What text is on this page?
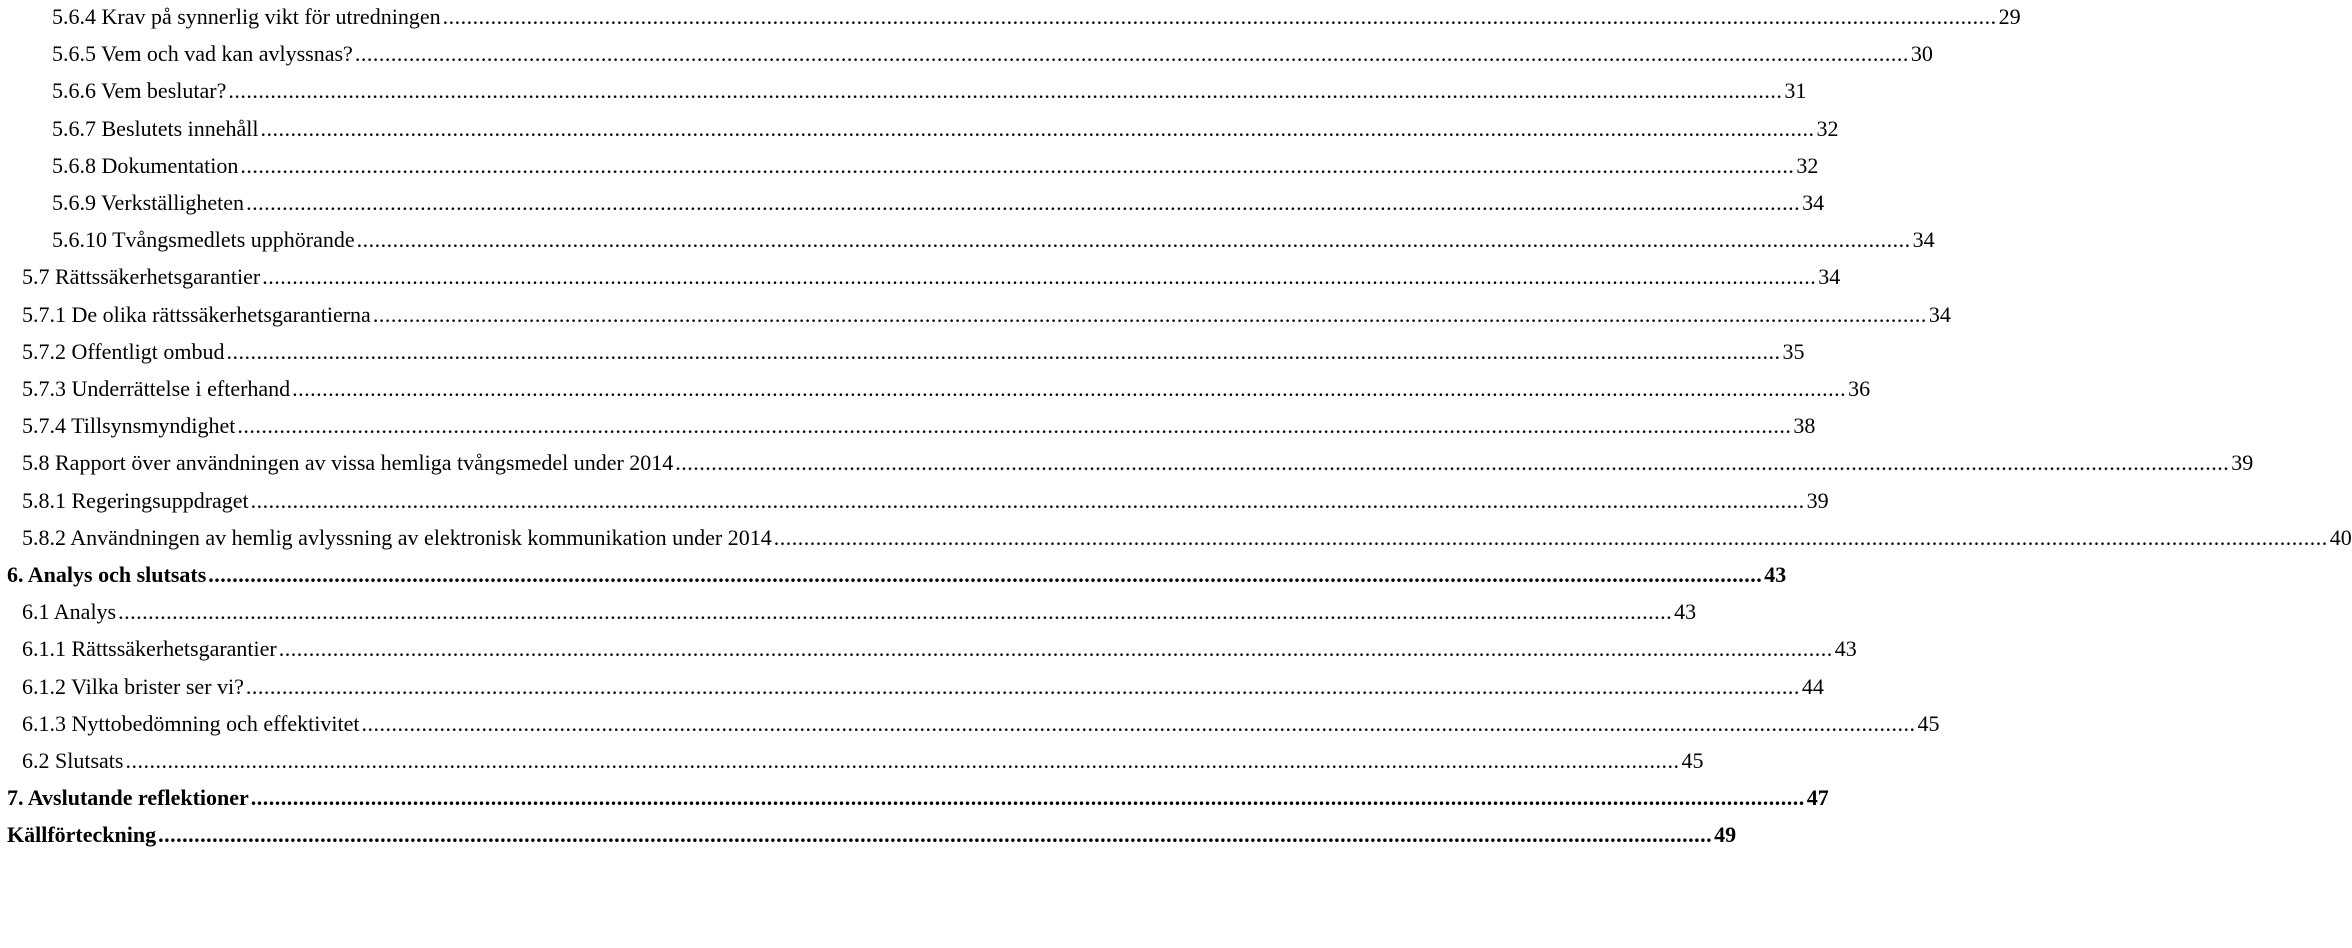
5.6.4 Krav på synnerlig vikt för utredningen .....	29
5.6.5 Vem och vad kan avlyssnas? .....	30
5.6.6 Vem beslutar? .....	31
5.6.7 Beslutets innehåll .....	32
5.6.8 Dokumentation .....	32
5.6.9 Verkställigheten .....	34
5.6.10 Tvångsmedlets upphörande .....	34
5.7 Rättssäkerhetsgarantier .....	34
5.7.1 De olika rättssäkerhetsgarantierna .....	34
5.7.2 Offentligt ombud .....	35
5.7.3 Underrättelse i efterhand .....	36
5.7.4 Tillsynsmyndighet .....	38
5.8 Rapport över användningen av vissa hemliga tvångsmedel under 2014 .....	39
5.8.1 Regeringsuppdraget .....	39
5.8.2 Användningen av hemlig avlyssning av elektronisk kommunikation under 2014 .....	40
6. Analys och slutsats .....	43
6.1 Analys .....	43
6.1.1 Rättssäkerhetsgarantier .....	43
6.1.2 Vilka brister ser vi? .....	44
6.1.3 Nyttobedömning och effektivitet .....	45
6.2 Slutsats .....	45
7. Avslutande reflektioner .....	47
Källförteckning .....	49
